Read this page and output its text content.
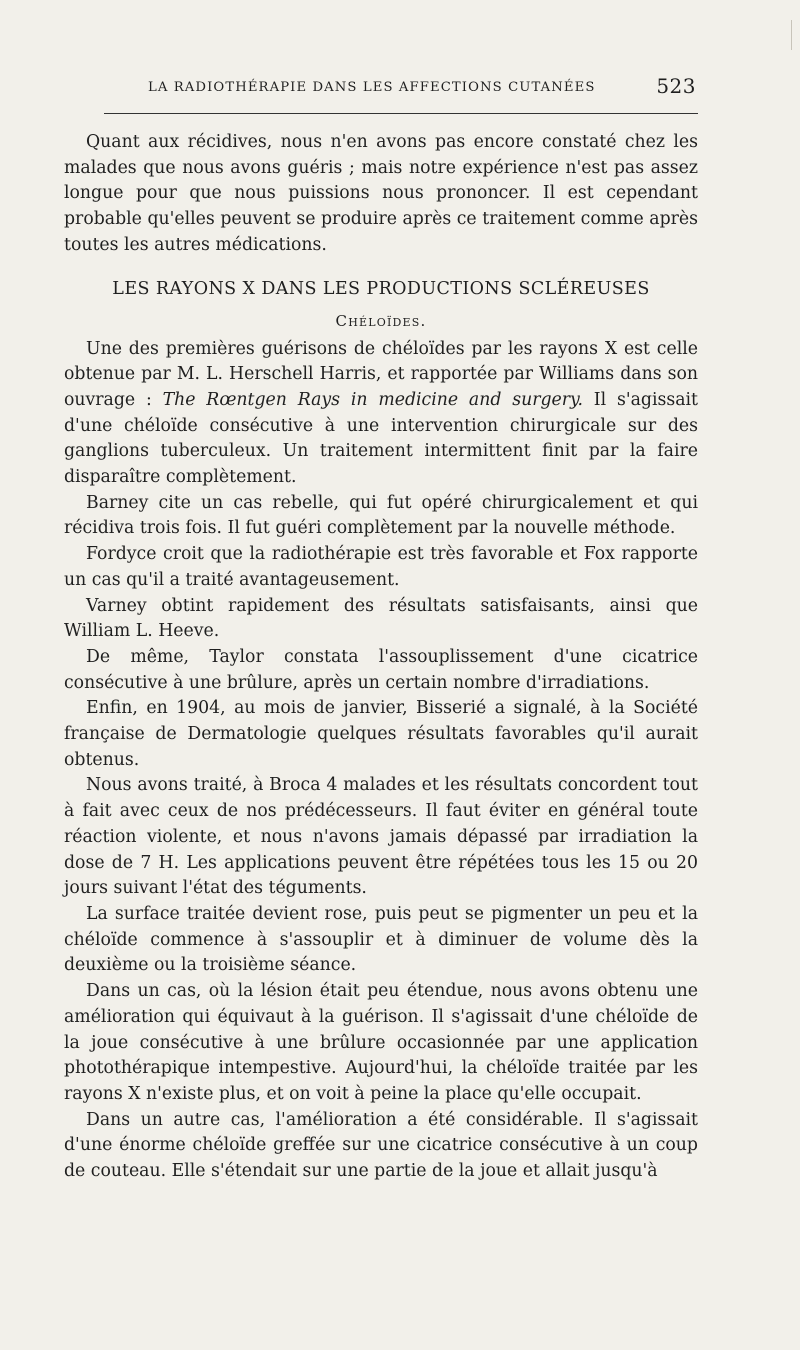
LA RADIOTHÉRAPIE DANS LES AFFECTIONS CUTANÉES	523

Quant aux récidives, nous n'en avons pas encore constaté chez les malades que nous avons guéris ; mais notre expérience n'est pas assez longue pour que nous puissions nous prononcer. Il est cependant probable qu'elles peuvent se produire après ce traitement comme après toutes les autres médications.

LES RAYONS X DANS LES PRODUCTIONS SCLÉREUSES
Chéloïdes.

Une des premières guérisons de chéloïdes par les rayons X est celle obtenue par M. L. Herschell Harris, et rapportée par Williams dans son ouvrage : The Rœntgen Rays in medicine and surgery. Il s'agissait d'une chéloïde consécutive à une intervention chirurgicale sur des ganglions tuberculeux. Un traitement intermittent finit par la faire disparaître complètement.

Barney cite un cas rebelle, qui fut opéré chirurgicalement et qui récidiva trois fois. Il fut guéri complètement par la nouvelle méthode.

Fordyce croit que la radiothérapie est très favorable et Fox rapporte un cas qu'il a traité avantageusement.

Varney obtint rapidement des résultats satisfaisants, ainsi que William L. Heeve.

De même, Taylor constata l'assouplissement d'une cicatrice consécutive à une brûlure, après un certain nombre d'irradiations.

Enfin, en 1904, au mois de janvier, Bisserié a signalé, à la Société française de Dermatologie quelques résultats favorables qu'il aurait obtenus.

Nous avons traité, à Broca 4 malades et les résultats concordent tout à fait avec ceux de nos prédécesseurs. Il faut éviter en général toute réaction violente, et nous n'avons jamais dépassé par irradiation la dose de 7 H. Les applications peuvent être répétées tous les 15 ou 20 jours suivant l'état des téguments.

La surface traitée devient rose, puis peut se pigmenter un peu et la chéloïde commence à s'assouplir et à diminuer de volume dès la deuxième ou la troisième séance.

Dans un cas, où la lésion était peu étendue, nous avons obtenu une amélioration qui équivaut à la guérison. Il s'agissait d'une chéloïde de la joue consécutive à une brûlure occasionnée par une application photothérapique intempestive. Aujourd'hui, la chéloïde traitée par les rayons X n'existe plus, et on voit à peine la place qu'elle occupait.

Dans un autre cas, l'amélioration a été considérable. Il s'agissait d'une énorme chéloïde greffée sur une cicatrice consécutive à un coup de couteau. Elle s'étendait sur une partie de la joue et allait jusqu'à
